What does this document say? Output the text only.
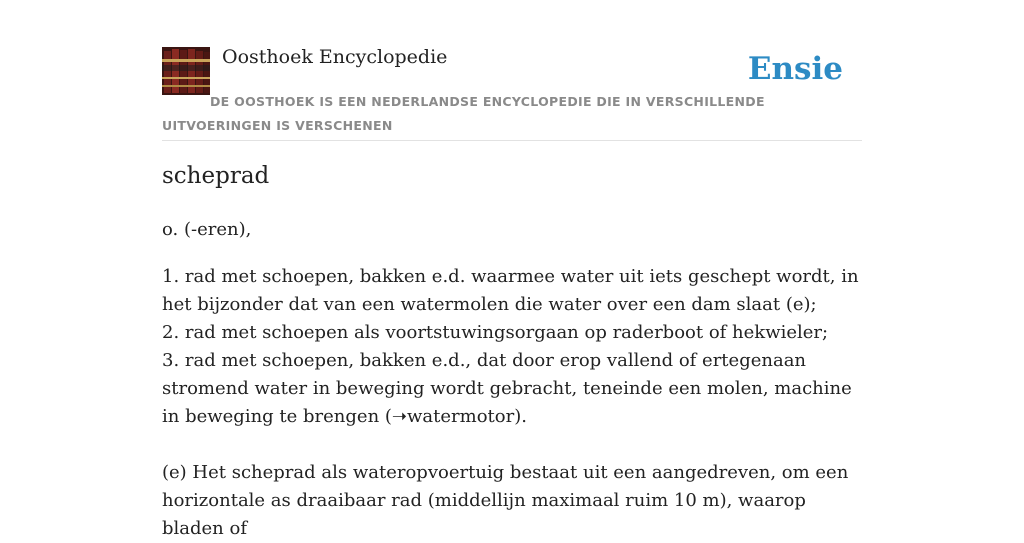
Oosthoek Encyclopedie	Ensie
DE OOSTHOEK IS EEN NEDERLANDSE ENCYCLOPEDIE DIE IN VERSCHILLENDE UITVOERINGEN IS VERSCHENEN
scheprad

o. (-eren),

1. rad met schoepen, bakken e.d. waarmee water uit iets geschept wordt, in het bijzonder dat van een watermolen die water over een dam slaat (e);
2. rad met schoepen als voortstuwingsorgaan op raderboot of hekwieler;
3. rad met schoepen, bakken e.d., dat door erop vallend of ertegenaan stromend water in beweging wordt gebracht, teneinde een molen, machine in beweging te brengen (➝watermotor).

(e) Het scheprad als wateropvoertuig bestaat uit een aangedreven, om een horizontale as draaibaar rad (middellijn maximaal ruim 10 m), waarop bladen of
